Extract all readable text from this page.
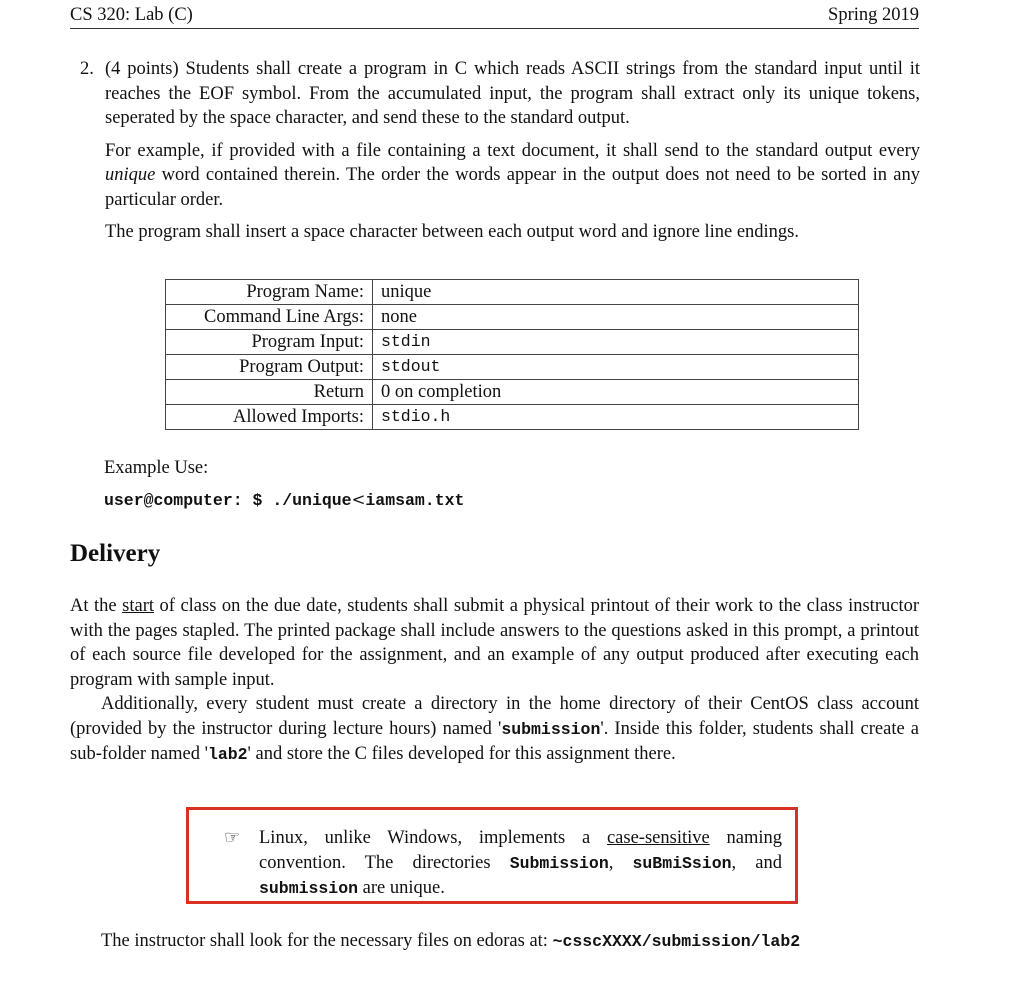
CS 320: Lab (C)	Spring 2019
2. (4 points) Students shall create a program in C which reads ASCII strings from the standard input until it reaches the EOF symbol. From the accumulated input, the program shall extract only its unique tokens, seperated by the space character, and send these to the standard output.

For example, if provided with a file containing a text document, it shall send to the standard output every unique word contained therein. The order the words appear in the output does not need to be sorted in any particular order.

The program shall insert a space character between each output word and ignore line endings.

Program Name:	unique
Command Line Args:	none
Program Input:	stdin
Program Output:	stdout
Return	0 on completion
Allowed Imports:	stdio.h
Example Use:
user@computer: $ ./unique<iamsam.txt
Delivery

At the start of class on the due date, students shall submit a physical printout of their work to the class instructor with the pages stapled. The printed package shall include answers to the questions asked in this prompt, a printout of each source file developed for the assignment, and an example of any output produced after executing each program with sample input.

Additionally, every student must create a directory in the home directory of their CentOS class account (provided by the instructor during lecture hours) named 'submission'. Inside this folder, students shall create a sub-folder named 'lab2' and store the C files developed for this assignment there.

☞ Linux, unlike Windows, implements a case-sensitive naming convention. The directories Submission, suBmiSsion, and submission are unique.
The instructor shall look for the necessary files on edoras at: ~csscXXXX/submission/lab2
